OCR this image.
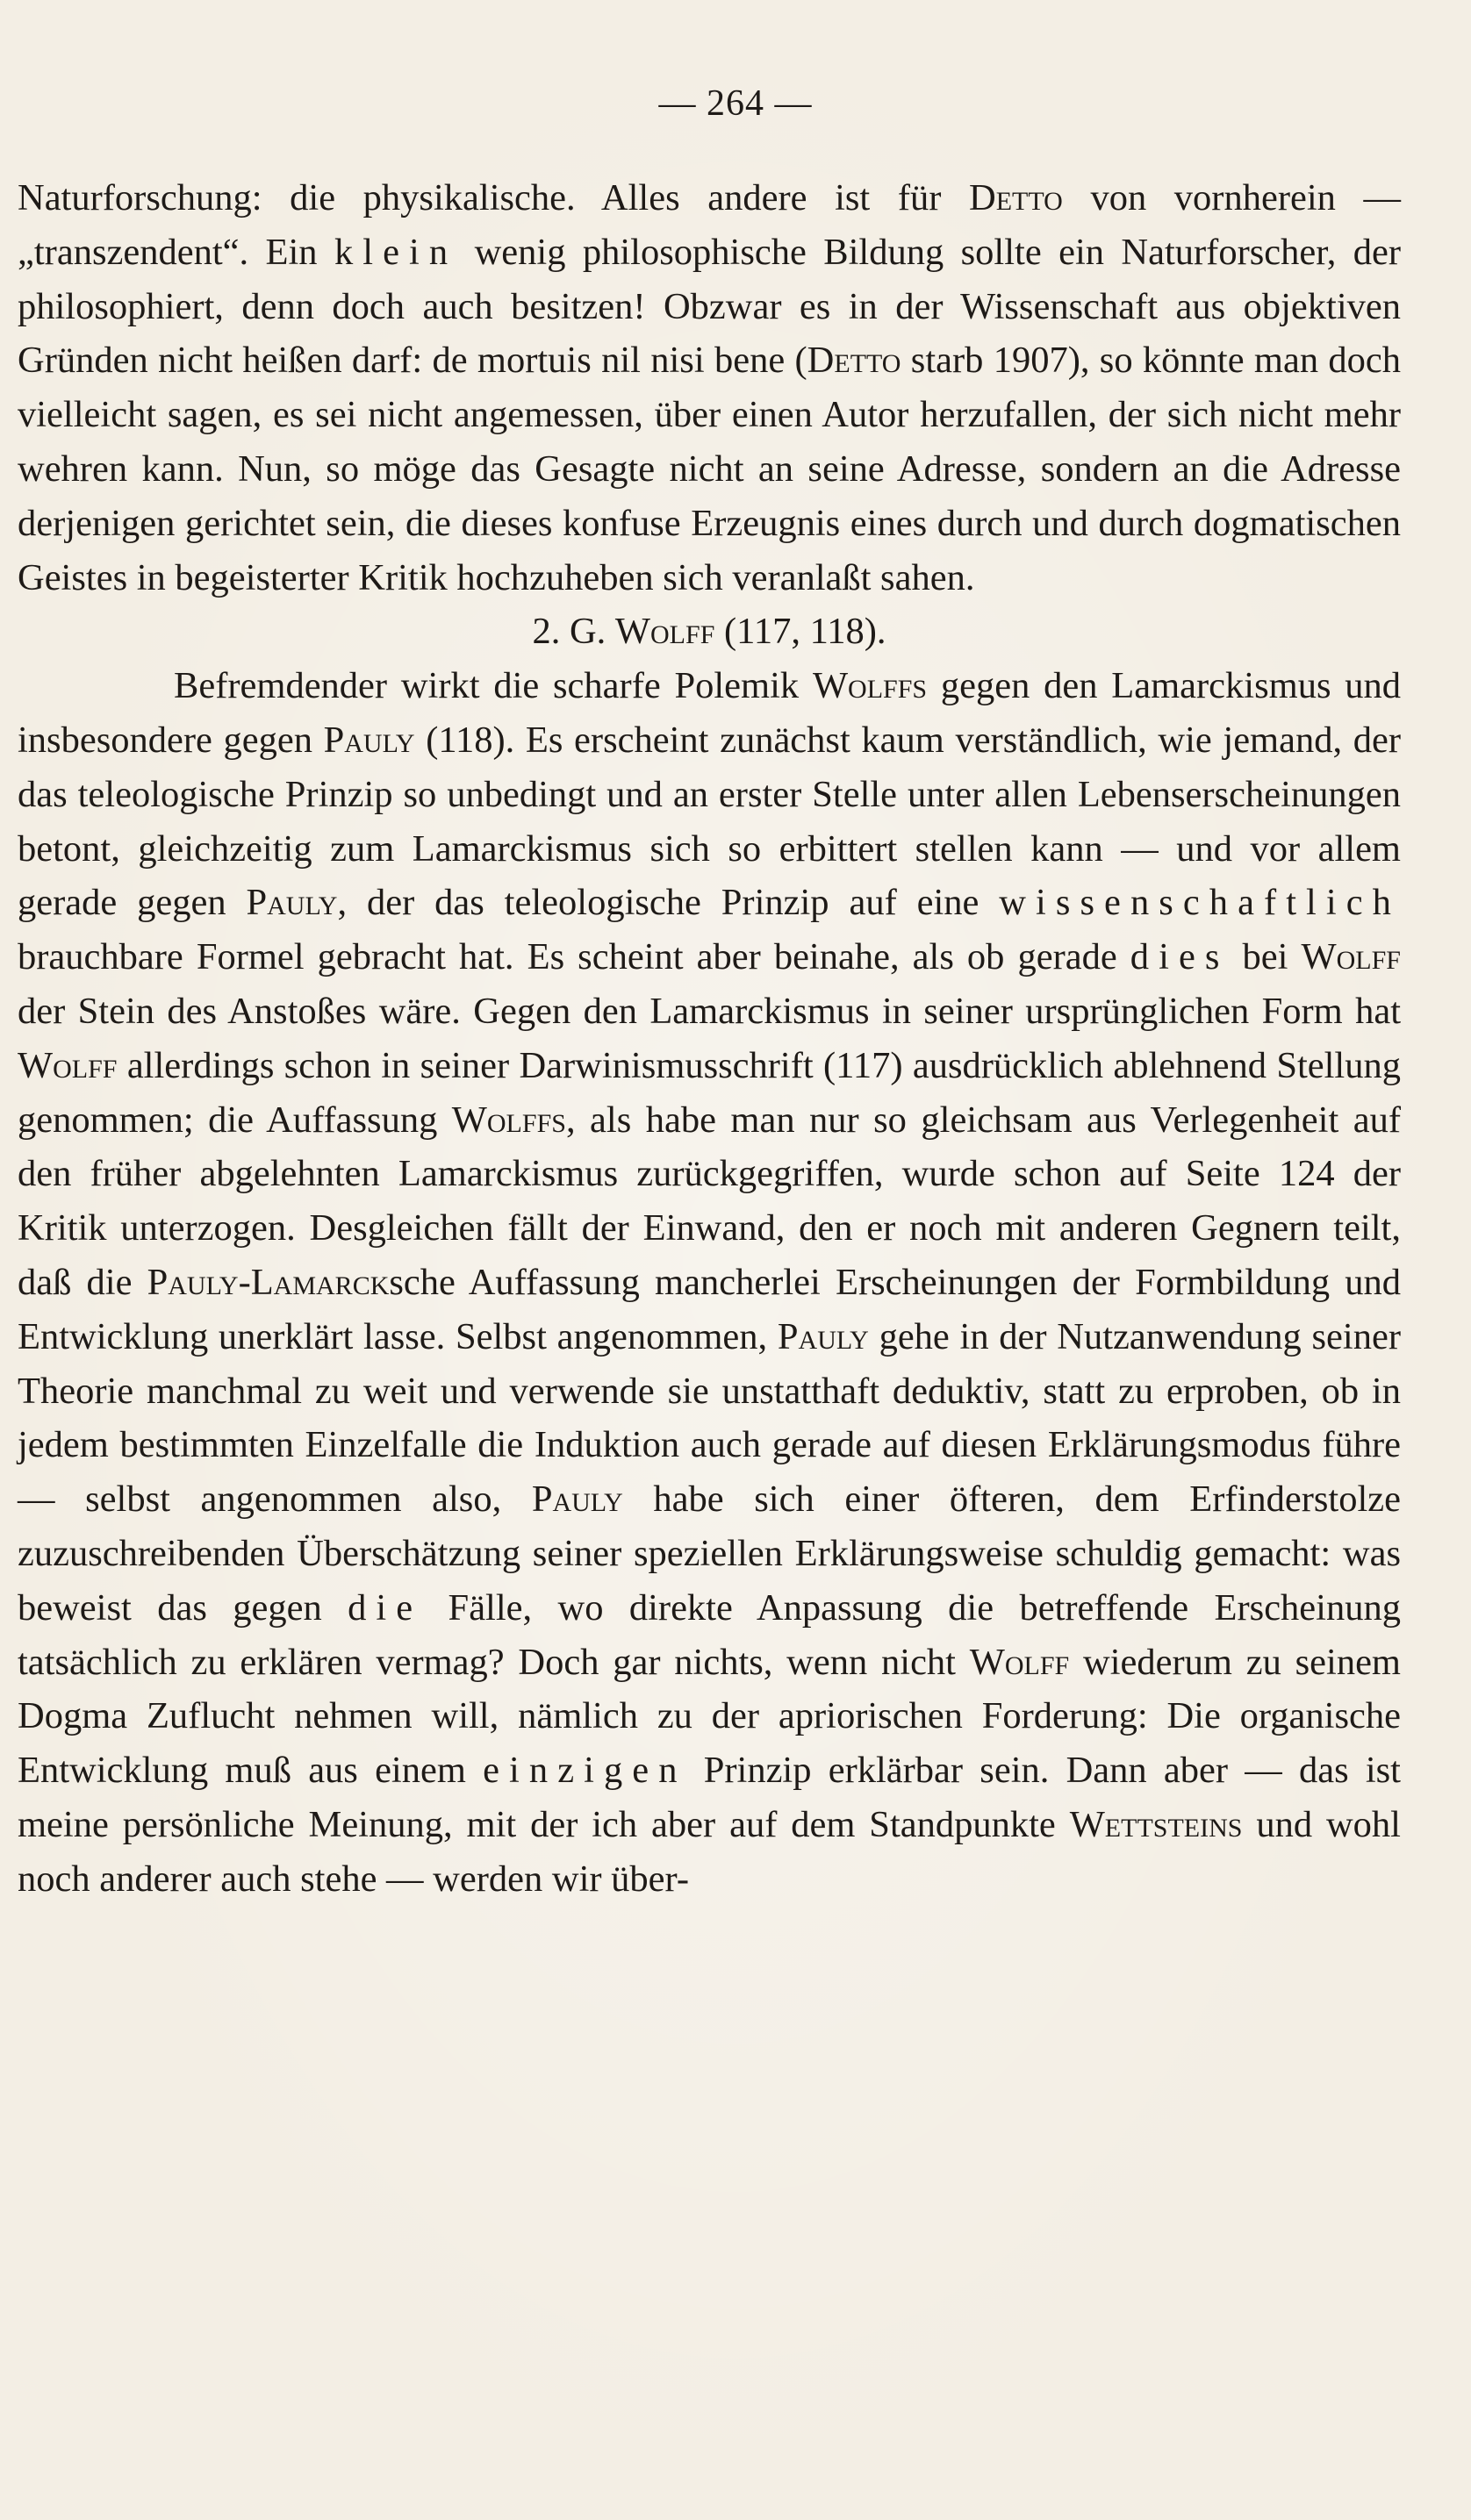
— 264 —

Naturforschung: die physikalische. Alles andere ist für Detto von vornherein — „transzendent“. Ein klein wenig philosophische Bildung sollte ein Naturforscher, der philosophiert, denn doch auch besitzen! Obzwar es in der Wissenschaft aus objektiven Gründen nicht heißen darf: de mortuis nil nisi bene (Detto starb 1907), so könnte man doch vielleicht sagen, es sei nicht angemessen, über einen Autor herzufallen, der sich nicht mehr wehren kann. Nun, so möge das Gesagte nicht an seine Adresse, sondern an die Adresse derjenigen gerichtet sein, die dieses konfuse Erzeugnis eines durch und durch dogmatischen Geistes in begeisterter Kritik hochzuheben sich veranlaßt sahen.

2. G. Wolff (117, 118).

Befremdender wirkt die scharfe Polemik Wolffs gegen den Lamarckismus und insbesondere gegen Pauly (118). Es erscheint zunächst kaum verständlich, wie jemand, der das teleologische Prinzip so unbedingt und an erster Stelle unter allen Lebenserscheinungen betont, gleichzeitig zum Lamarckismus sich so erbittert stellen kann — und vor allem gerade gegen Pauly, der das teleologische Prinzip auf eine wissenschaftlich brauchbare Formel gebracht hat. Es scheint aber beinahe, als ob gerade dies bei Wolff der Stein des Anstoßes wäre. Gegen den Lamarckismus in seiner ursprünglichen Form hat Wolff allerdings schon in seiner Darwinismusschrift (117) ausdrücklich ablehnend Stellung genommen; die Auffassung Wolffs, als habe man nur so gleichsam aus Verlegenheit auf den früher abgelehnten Lamarckismus zurückgegriffen, wurde schon auf Seite 124 der Kritik unterzogen. Desgleichen fällt der Einwand, den er noch mit anderen Gegnern teilt, daß die Pauly-Lamarcksche Auffassung mancherlei Erscheinungen der Formbildung und Entwicklung unerklärt lasse. Selbst angenommen, Pauly gehe in der Nutzanwendung seiner Theorie manchmal zu weit und verwende sie unstatthaft deduktiv, statt zu erproben, ob in jedem bestimmten Einzelfalle die Induktion auch gerade auf diesen Erklärungsmodus führe — selbst angenommen also, Pauly habe sich einer öfteren, dem Erfinderstolze zuzuschreibenden Überschätzung seiner speziellen Erklärungsweise schuldig gemacht: was beweist das gegen die Fälle, wo direkte Anpassung die betreffende Erscheinung tatsächlich zu erklären vermag? Doch gar nichts, wenn nicht Wolff wiederum zu seinem Dogma Zuflucht nehmen will, nämlich zu der apriorischen Forderung: Die organische Entwicklung muß aus einem einzigen Prinzip erklärbar sein. Dann aber — das ist meine persönliche Meinung, mit der ich aber auf dem Standpunkte Wettsteins und wohl noch anderer auch stehe — werden wir über-
